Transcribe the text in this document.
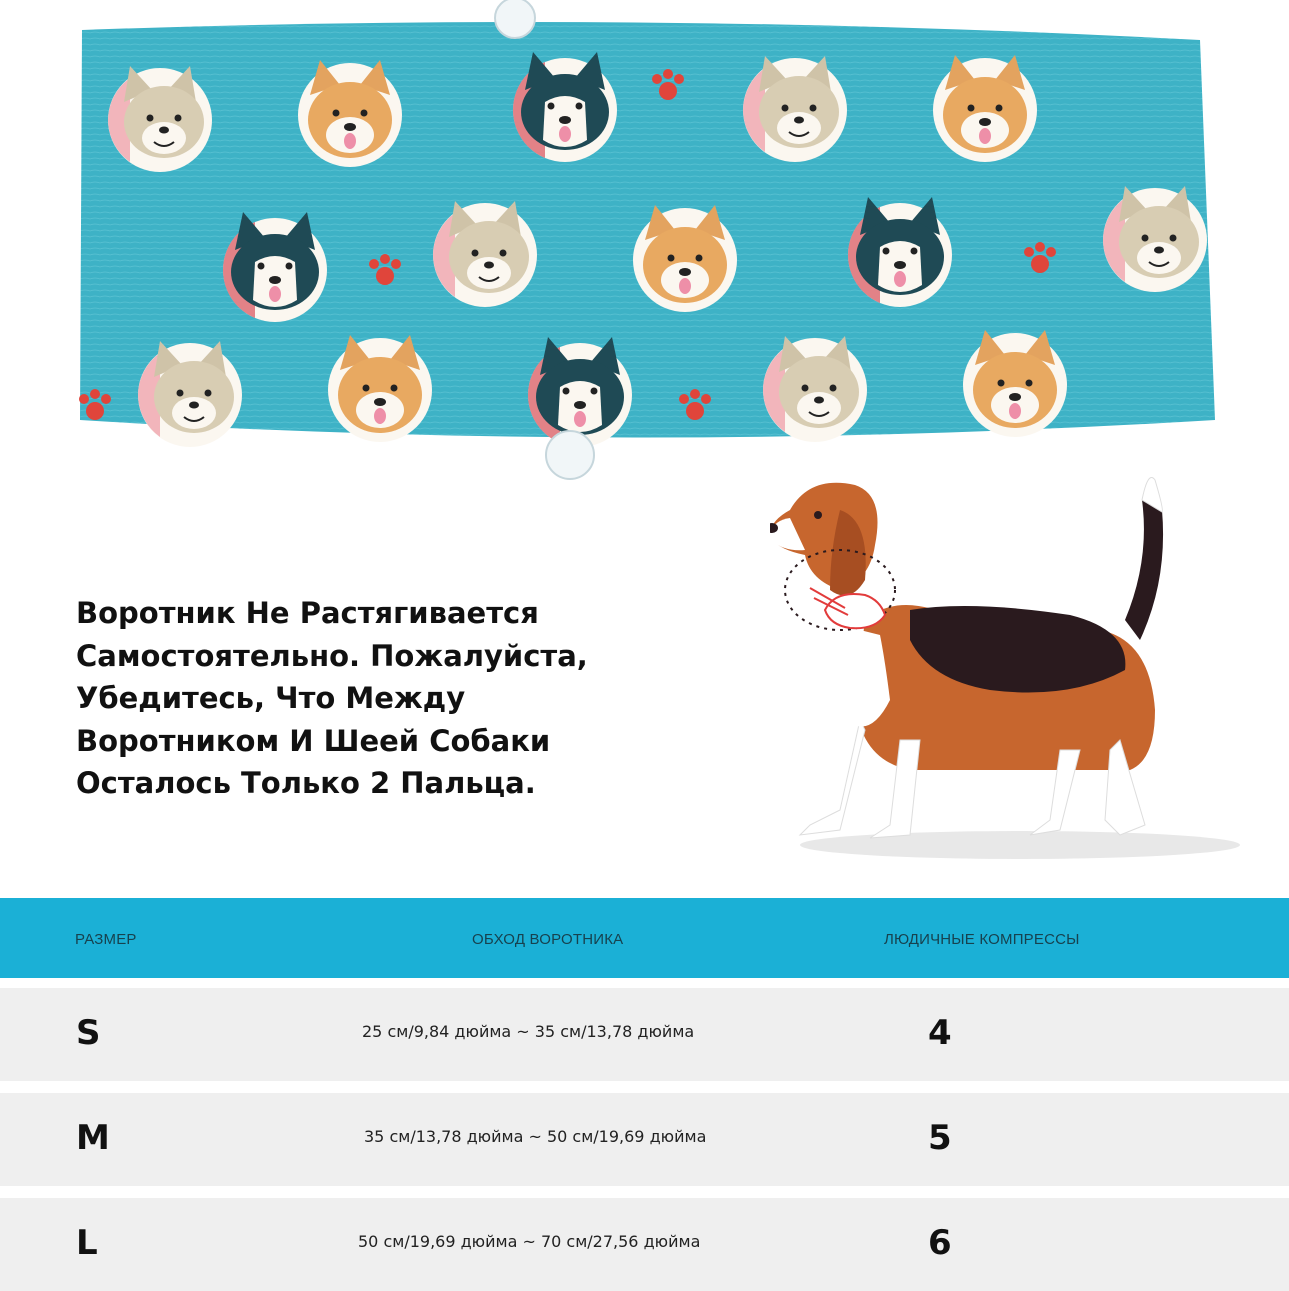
Воротник Не Растягивается
Самостоятельно. Пожалуйста,
Убедитесь, Что Между
Воротником И Шеей Собаки
Осталось Только 2 Пальца.

РАЗМЕР	ОБХОД ВОРОТНИКА	ЛЮДИЧНЫЕ КОМПРЕССЫ
S	25 см/9,84 дюйма ~ 35 см/13,78 дюйма	4
M	35 см/13,78 дюйма ~ 50 см/19,69 дюйма	5
L	50 см/19,69 дюйма ~ 70 см/27,56 дюйма	6
